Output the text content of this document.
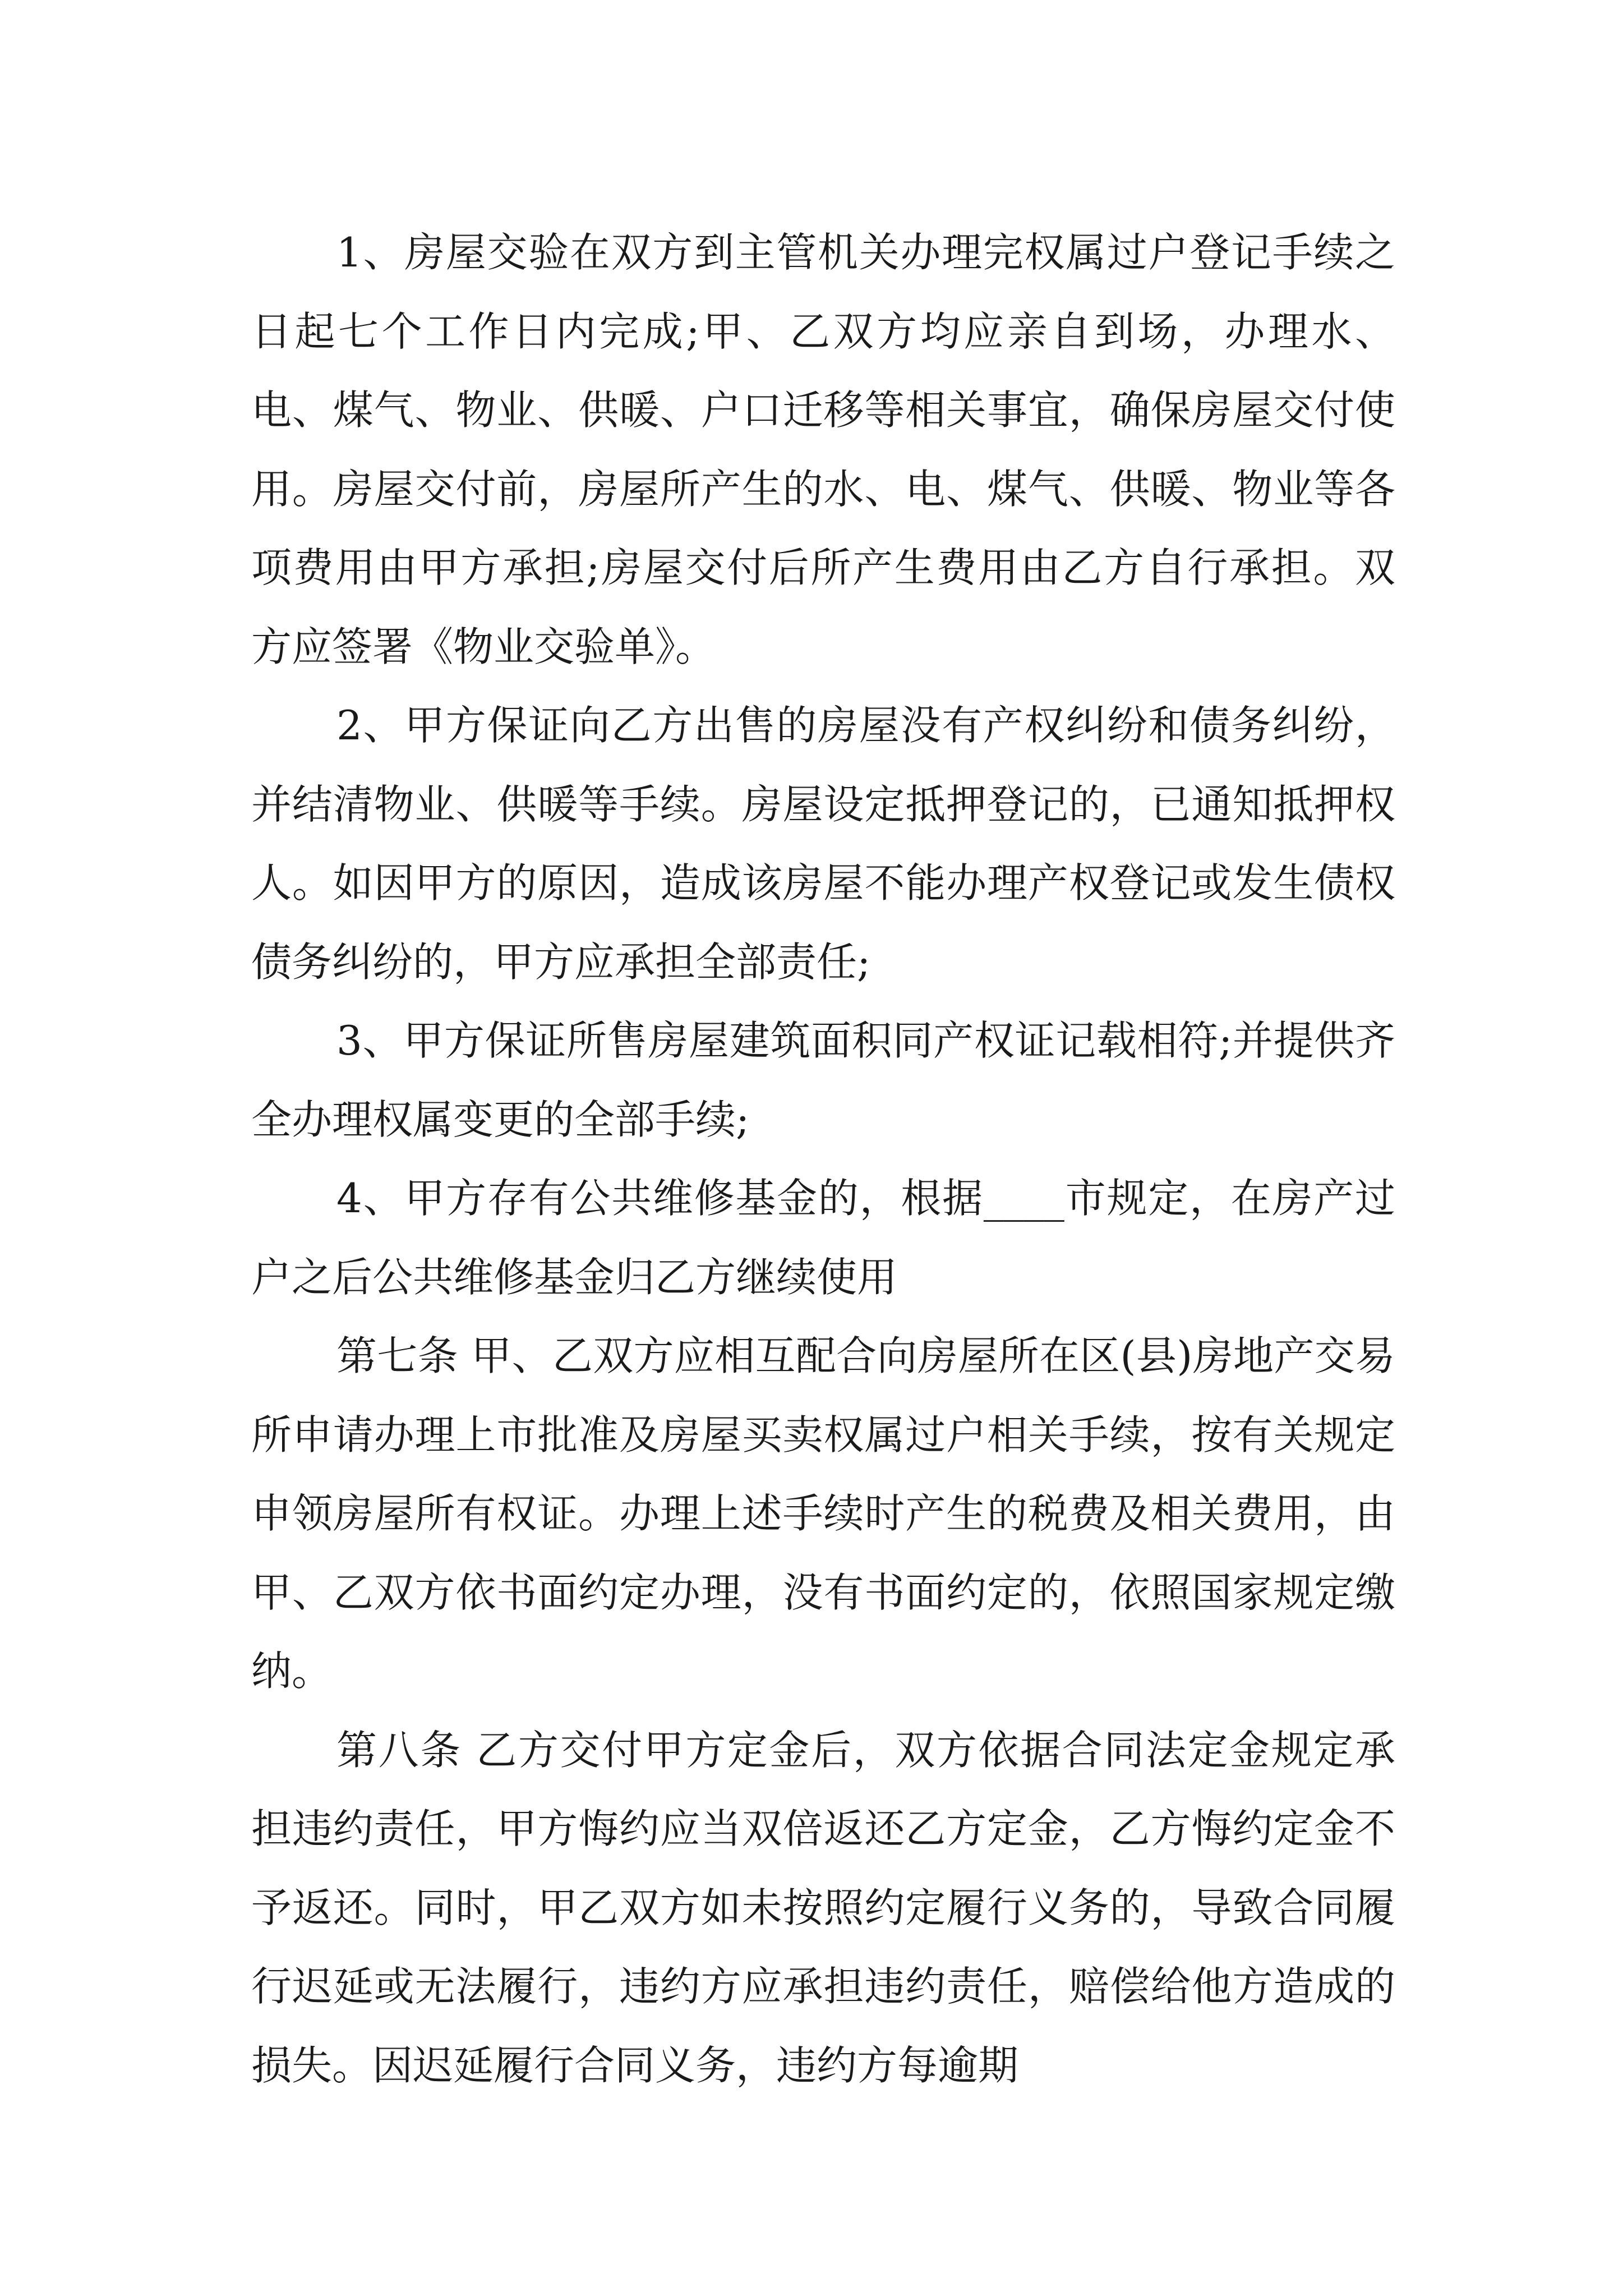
1、房屋交验在双方到主管机关办理完权属过户登记手续之日起七个工作日内完成;甲、乙双方均应亲自到场，办理水、电、煤气、物业、供暖、户口迁移等相关事宜，确保房屋交付使用。房屋交付前，房屋所产生的水、电、煤气、供暖、物业等各项费用由甲方承担;房屋交付后所产生费用由乙方自行承担。双方应签署《物业交验单》。

2、甲方保证向乙方出售的房屋没有产权纠纷和债务纠纷，并结清物业、供暖等手续。房屋设定抵押登记的，已通知抵押权人。如因甲方的原因，造成该房屋不能办理产权登记或发生债权债务纠纷的，甲方应承担全部责任;

3、甲方保证所售房屋建筑面积同产权证记载相符;并提供齐全办理权属变更的全部手续;

4、甲方存有公共维修基金的，根据____市规定，在房产过户之后公共维修基金归乙方继续使用

第七条 甲、乙双方应相互配合向房屋所在区(县)房地产交易所申请办理上市批准及房屋买卖权属过户相关手续，按有关规定申领房屋所有权证。办理上述手续时产生的税费及相关费用，由甲、乙双方依书面约定办理，没有书面约定的，依照国家规定缴纳。

第八条 乙方交付甲方定金后，双方依据合同法定金规定承担违约责任，甲方悔约应当双倍返还乙方定金，乙方悔约定金不予返还。同时，甲乙双方如未按照约定履行义务的，导致合同履行迟延或无法履行，违约方应承担违约责任，赔偿给他方造成的损失。因迟延履行合同义务，违约方每逾期
